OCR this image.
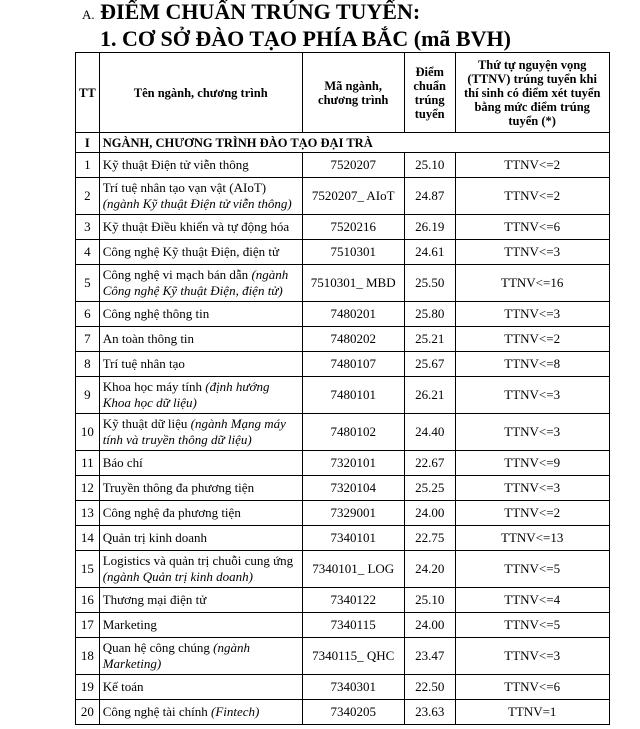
A. ĐIỂM CHUẨN TRÚNG TUYỂN:
1. CƠ SỞ ĐÀO TẠO PHÍA BẮC (mã BVH)
TT	Tên ngành, chương trình	Mã ngành, chương trình	Điểm chuẩn trúng tuyển	Thứ tự nguyện vọng (TTNV) trúng tuyển khi thí sinh có điểm xét tuyển bằng mức điểm trúng tuyển (*)
I	NGÀNH, CHƯƠNG TRÌNH ĐÀO TẠO ĐẠI TRÀ			
1	Kỹ thuật Điện tử viễn thông	7520207	25.10	TTNV<=2
2	Trí tuệ nhân tạo vạn vật (AIoT) (ngành Kỹ thuật Điện tử viễn thông)	7520207_ AIoT	24.87	TTNV<=2
3	Kỹ thuật Điều khiển và tự động hóa	7520216	26.19	TTNV<=6
4	Công nghệ Kỹ thuật Điện, điện tử	7510301	24.61	TTNV<=3
5	Công nghệ vi mạch bán dẫn (ngành Công nghệ Kỹ thuật Điện, điện tử)	7510301_ MBD	25.50	TTNV<=16
6	Công nghệ thông tin	7480201	25.80	TTNV<=3
7	An toàn thông tin	7480202	25.21	TTNV<=2
8	Trí tuệ nhân tạo	7480107	25.67	TTNV<=8
9	Khoa học máy tính (định hướng Khoa học dữ liệu)	7480101	26.21	TTNV<=3
10	Kỹ thuật dữ liệu (ngành Mạng máy tính và truyền thông dữ liệu)	7480102	24.40	TTNV<=3
11	Báo chí	7320101	22.67	TTNV<=9
12	Truyền thông đa phương tiện	7320104	25.25	TTNV<=3
13	Công nghệ đa phương tiện	7329001	24.00	TTNV<=2
14	Quản trị kinh doanh	7340101	22.75	TTNV<=13
15	Logistics và quản trị chuỗi cung ứng (ngành Quản trị kinh doanh)	7340101_ LOG	24.20	TTNV<=5
16	Thương mại điện tử	7340122	25.10	TTNV<=4
17	Marketing	7340115	24.00	TTNV<=5
18	Quan hệ công chúng (ngành Marketing)	7340115_ QHC	23.47	TTNV<=3
19	Kế toán	7340301	22.50	TTNV<=6
20	Công nghệ tài chính (Fintech)	7340205	23.63	TTNV=1
